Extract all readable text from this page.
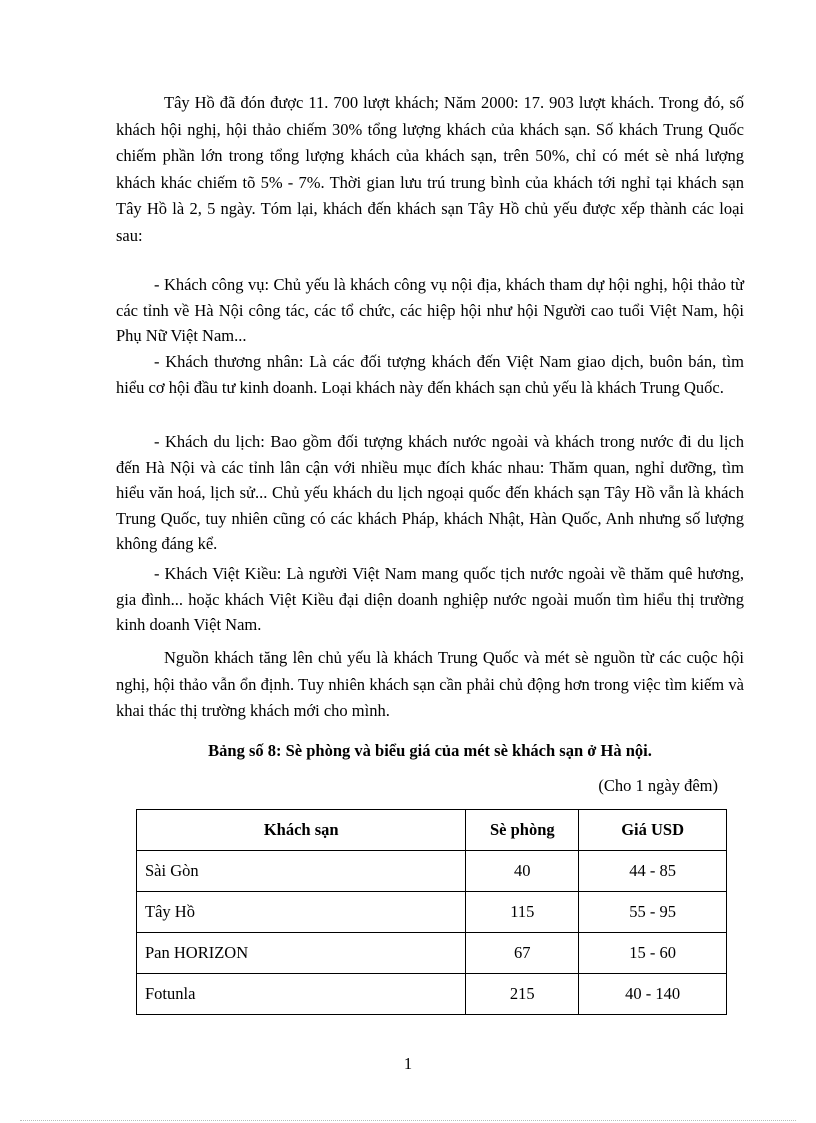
Tây Hồ đã đón được 11. 700 lượt khách; Năm 2000: 17. 903 lượt khách. Trong đó, số khách hội nghị, hội thảo chiếm 30% tổng lượng khách của khách sạn. Số khách Trung Quốc chiếm phần lớn trong tổng lượng khách của khách sạn, trên 50%, chỉ có mét sè nhá lượng khách khác chiếm tõ 5% - 7%. Thời gian lưu trú trung bình của khách tới nghỉ tại khách sạn Tây Hồ là 2, 5 ngày. Tóm lại, khách đến khách sạn Tây Hồ chủ yếu được xếp thành các loại sau:

- Khách công vụ: Chủ yếu là khách công vụ nội địa, khách tham dự hội nghị, hội thảo từ các tỉnh về Hà Nội công tác, các tổ chức, các hiệp hội như hội Người cao tuổi Việt Nam, hội Phụ Nữ Việt Nam...

- Khách thương nhân: Là các đối tượng khách đến Việt Nam giao dịch, buôn bán, tìm hiểu cơ hội đầu tư kinh doanh. Loại khách này đến khách sạn chủ yếu là khách Trung Quốc.

- Khách du lịch: Bao gồm đối tượng khách nước ngoài và khách trong nước đi du lịch đến Hà Nội và các tỉnh lân cận với nhiều mục đích khác nhau: Thăm quan, nghỉ dưỡng, tìm hiểu văn hoá, lịch sử... Chủ yếu khách du lịch ngoại quốc đến khách sạn Tây Hồ vẫn là khách Trung Quốc, tuy nhiên cũng có các khách Pháp, khách Nhật, Hàn Quốc, Anh nhưng số lượng không đáng kể.

- Khách Việt Kiều: Là người Việt Nam mang quốc tịch nước ngoài về thăm quê hương, gia đình... hoặc khách Việt Kiều đại diện doanh nghiệp nước ngoài muốn tìm hiểu thị trường kinh doanh Việt Nam.

Nguồn khách tăng lên chủ yếu là khách Trung Quốc và mét sè nguồn từ các cuộc hội nghị, hội thảo vẫn ổn định. Tuy nhiên khách sạn cần phải chủ động hơn trong việc tìm kiếm và khai thác thị trường khách mới cho mình.

Bảng số 8: Sè phòng và biểu giá của mét sè khách sạn ở Hà nội.

(Cho 1 ngày đêm)

Khách sạn	Sè phòng	Giá USD
Sài Gòn	40	44 - 85
Tây Hồ	115	55 - 95
Pan HORIZON	67	15 - 60
Fotunla	215	40 - 140

1
